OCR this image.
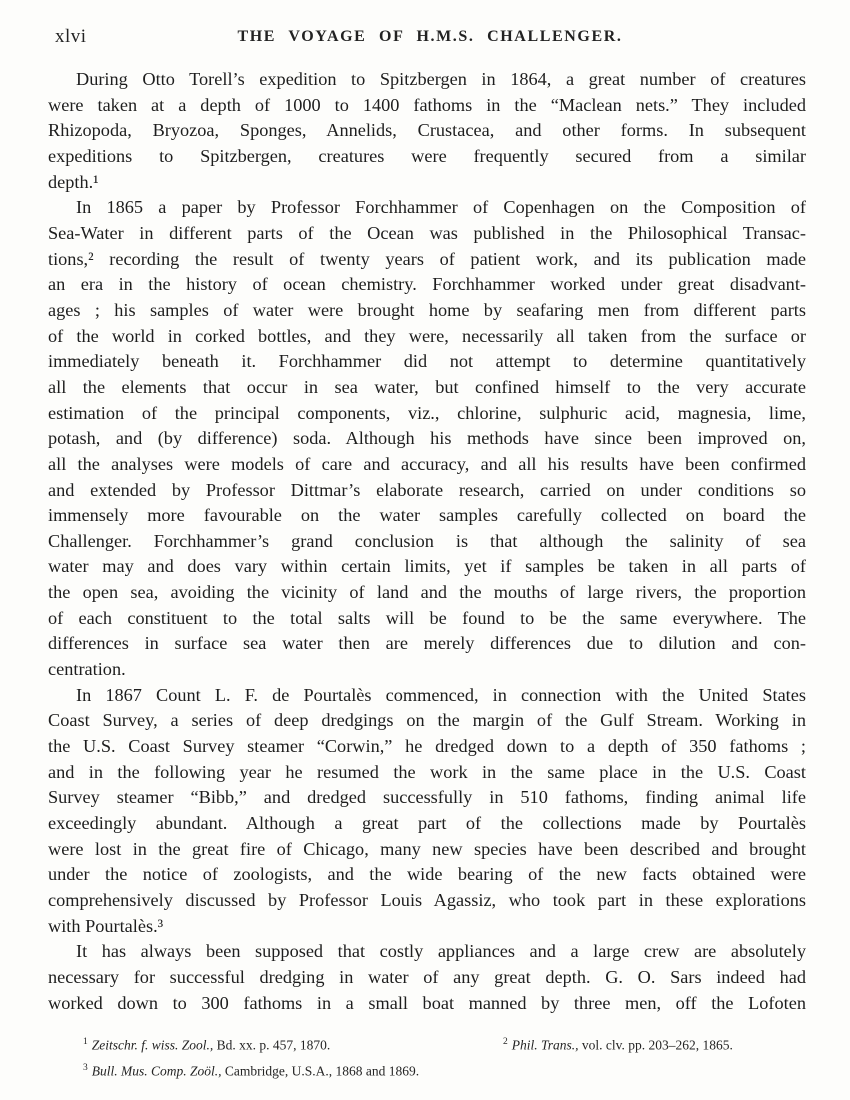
xlvi	THE VOYAGE OF H.M.S. CHALLENGER.
During Otto Torell’s expedition to Spitzbergen in 1864, a great number of creatures
were taken at a depth of 1000 to 1400 fathoms in the “Maclean nets.” They included
Rhizopoda, Bryozoa, Sponges, Annelids, Crustacea, and other forms. In subsequent
expeditions to Spitzbergen, creatures were frequently secured from a similar
depth.¹
In 1865 a paper by Professor Forchhammer of Copenhagen on the Composition of
Sea-Water in different parts of the Ocean was published in the Philosophical Transac-
tions,² recording the result of twenty years of patient work, and its publication made
an era in the history of ocean chemistry. Forchhammer worked under great disadvant-
ages ; his samples of water were brought home by seafaring men from different parts
of the world in corked bottles, and they were, necessarily all taken from the surface or
immediately beneath it. Forchhammer did not attempt to determine quantitatively
all the elements that occur in sea water, but confined himself to the very accurate
estimation of the principal components, viz., chlorine, sulphuric acid, magnesia, lime,
potash, and (by difference) soda. Although his methods have since been improved on,
all the analyses were models of care and accuracy, and all his results have been confirmed
and extended by Professor Dittmar’s elaborate research, carried on under conditions so
immensely more favourable on the water samples carefully collected on board the
Challenger. Forchhammer’s grand conclusion is that although the salinity of sea
water may and does vary within certain limits, yet if samples be taken in all parts of
the open sea, avoiding the vicinity of land and the mouths of large rivers, the proportion
of each constituent to the total salts will be found to be the same everywhere. The
differences in surface sea water then are merely differences due to dilution and con-
centration.
In 1867 Count L. F. de Pourtalès commenced, in connection with the United States
Coast Survey, a series of deep dredgings on the margin of the Gulf Stream. Working in
the U.S. Coast Survey steamer “Corwin,” he dredged down to a depth of 350 fathoms ;
and in the following year he resumed the work in the same place in the U.S. Coast
Survey steamer “Bibb,” and dredged successfully in 510 fathoms, finding animal life
exceedingly abundant. Although a great part of the collections made by Pourtalès
were lost in the great fire of Chicago, many new species have been described and brought
under the notice of zoologists, and the wide bearing of the new facts obtained were
comprehensively discussed by Professor Louis Agassiz, who took part in these explorations
with Pourtalès.³
It has always been supposed that costly appliances and a large crew are absolutely
necessary for successful dredging in water of any great depth. G. O. Sars indeed had
worked down to 300 fathoms in a small boat manned by three men, off the Lofoten
$^1$ Zeitschr. f. wiss. Zool., Bd. xx. p. 457, 1870.	$^2$ Phil. Trans., vol. clv. pp. 203–262, 1865.
$^3$ Bull. Mus. Comp. Zoöl., Cambridge, U.S.A., 1868 and 1869.
